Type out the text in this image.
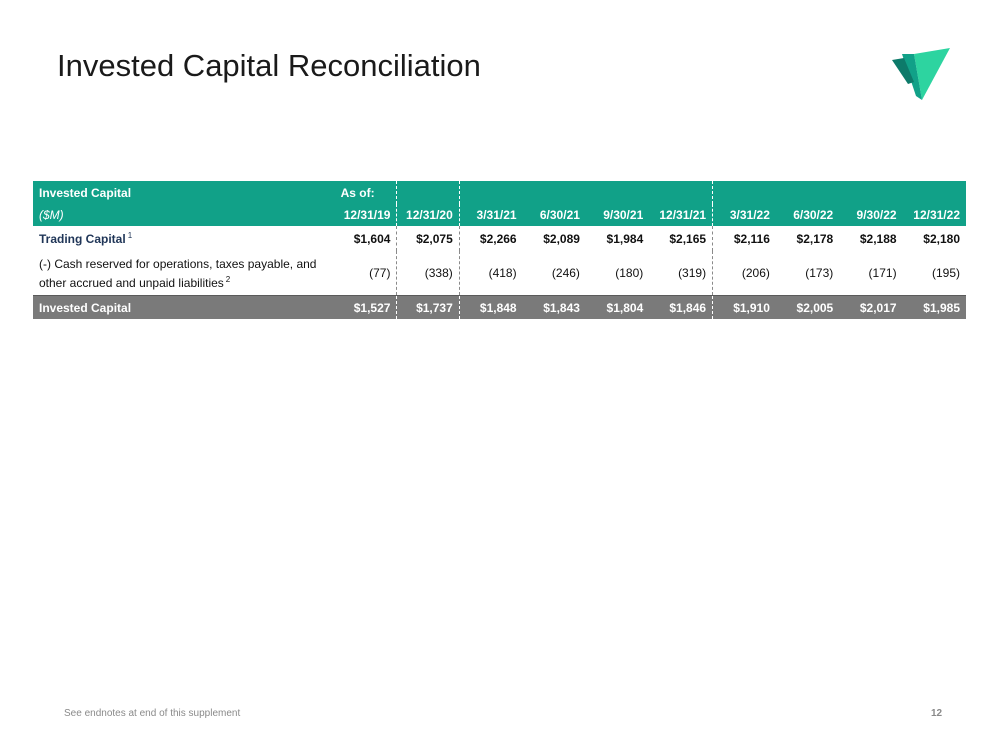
Invested Capital Reconciliation
Invested Capital	As of:									
($M)	12/31/19	12/31/20	3/31/21	6/30/21	9/30/21	12/31/21	3/31/22	6/30/22	9/30/22	12/31/22
Trading Capital $^1$	$1,604	$2,075	$2,266	$2,089	$1,984	$2,165	$2,116	$2,178	$2,188	$2,180
(-) Cash reserved for operations, taxes payable, and other accrued and unpaid liabilities $^2$	(77)	(338)	(418)	(246)	(180)	(319)	(206)	(173)	(171)	(195)
Invested Capital	$1,527	$1,737	$1,848	$1,843	$1,804	$1,846	$1,910	$2,005	$2,017	$1,985
See endnotes at end of this supplement	12
